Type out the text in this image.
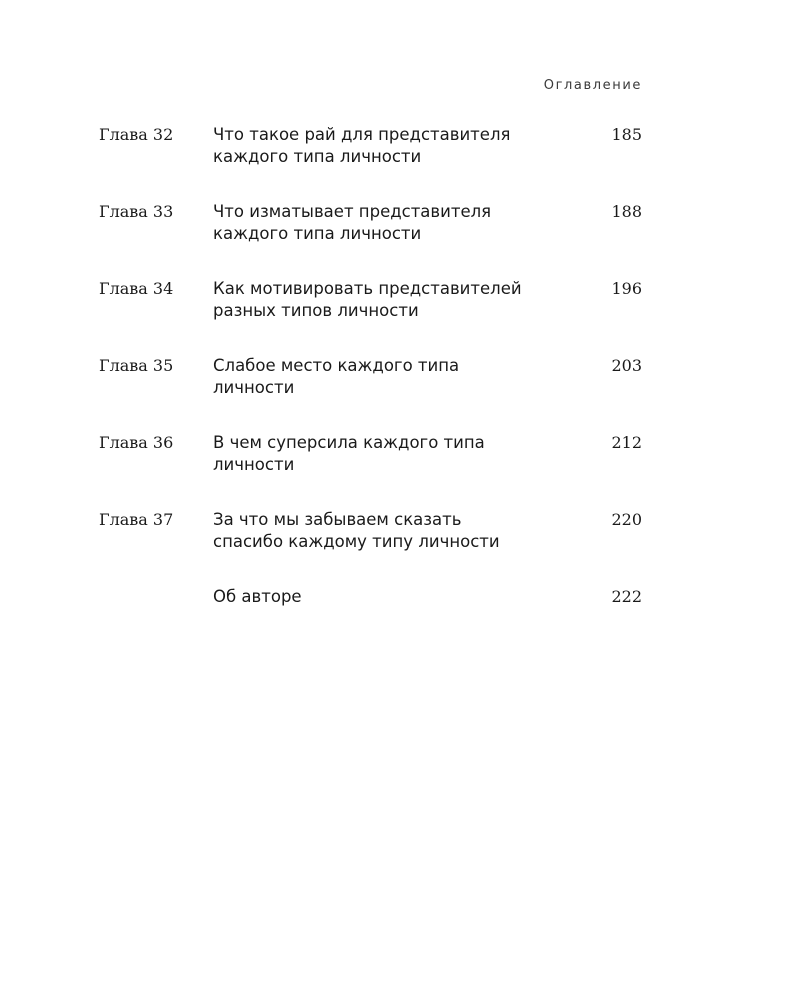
Оглавление
Глава 32 Что такое рай для представителя
каждого типа личности
185
Глава 33 Что изматывает представителя
каждого типа личности
188
Глава 34 Как мотивировать представителей
разных типов личности
196
Глава 35 Слабое место каждого типа
личности
203
Глава 36 В чем суперсила каждого типа
личности
212
Глава 37 За что мы забываем сказать
спасибо каждому типу личности
220
Об авторе	222
